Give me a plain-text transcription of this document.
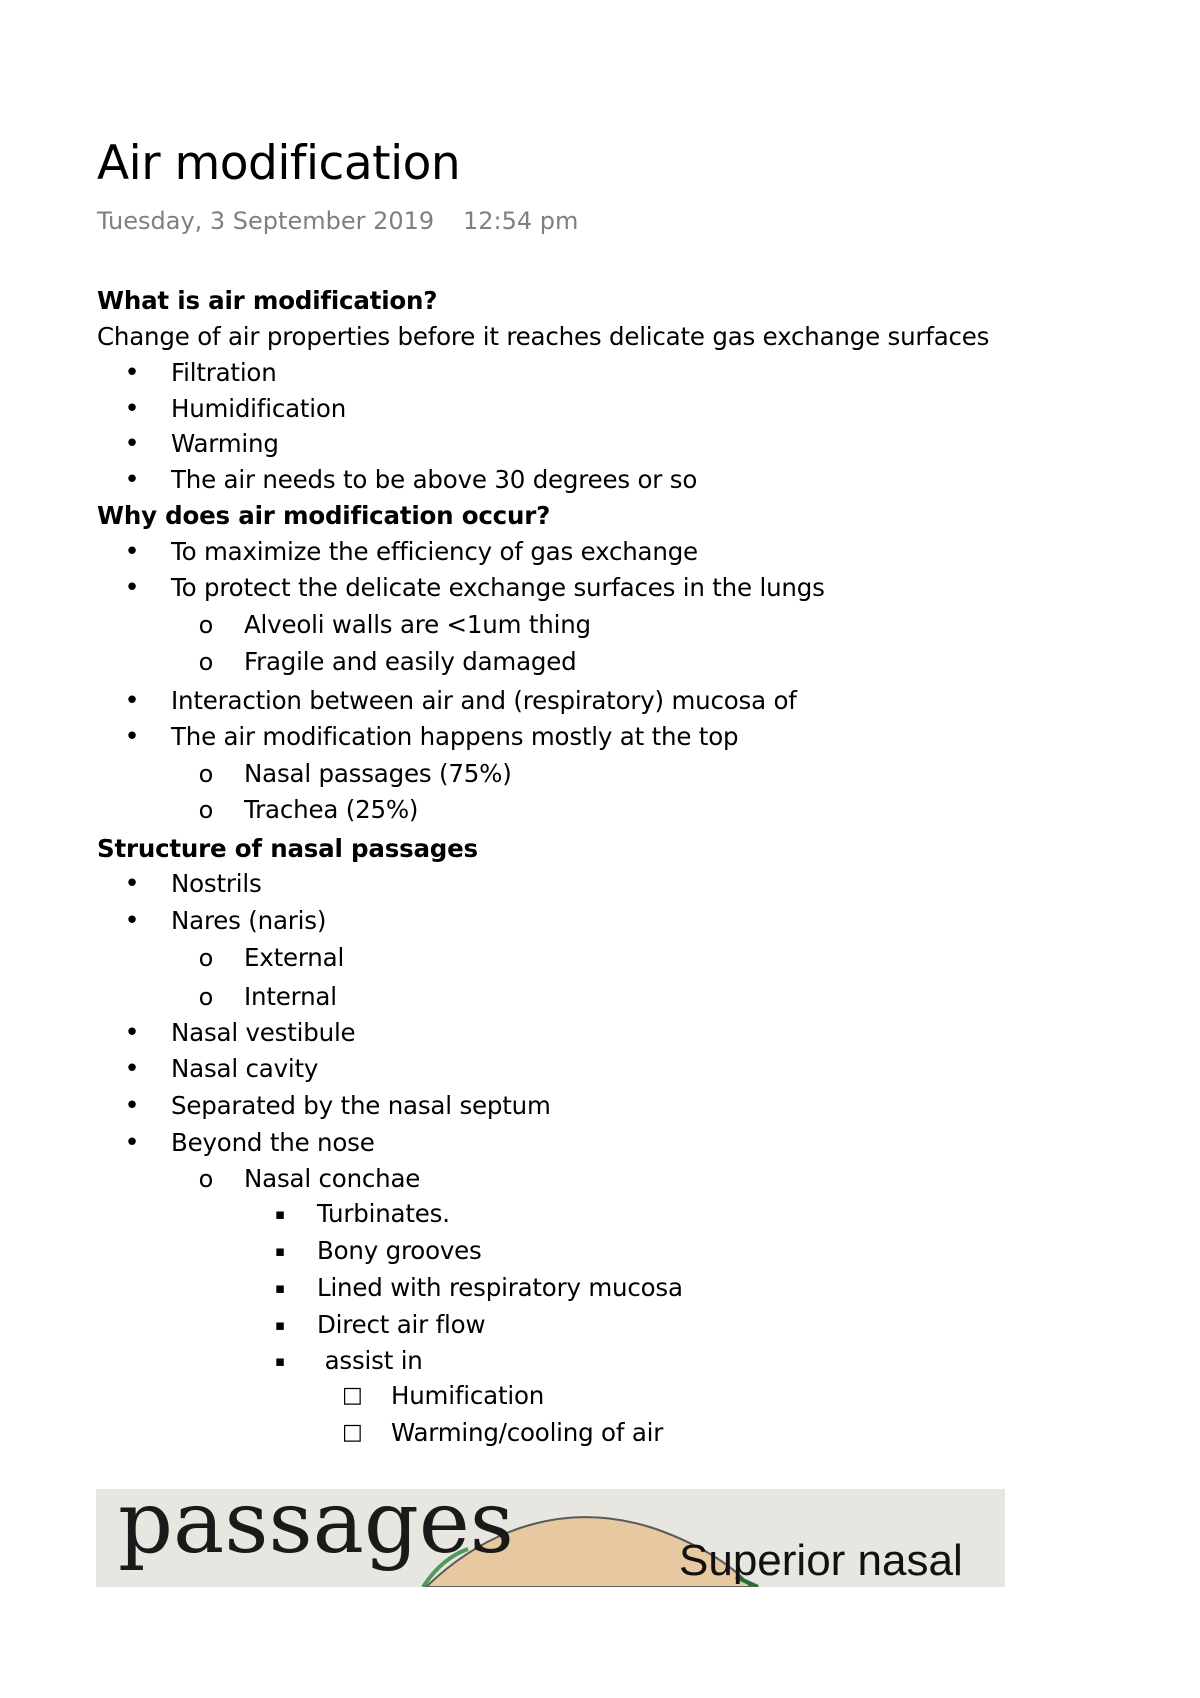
Air modification
Tuesday, 3 September 2019 12:54 pm
What is air modification?
Change of air properties before it reaches delicate gas exchange surfaces
• Filtration
• Humidification
• Warming
• The air needs to be above 30 degrees or so
Why does air modification occur?
• To maximize the efficiency of gas exchange
• To protect the delicate exchange surfaces in the lungs
o Alveoli walls are <1um thing
o Fragile and easily damaged
• Interaction between air and (respiratory) mucosa of
• The air modification happens mostly at the top
o Nasal passages (75%)
o Trachea (25%)
Structure of nasal passages
• Nostrils
• Nares (naris)
o External
o Internal
• Nasal vestibule
• Nasal cavity
• Separated by the nasal septum
• Beyond the nose
o Nasal conchae
▪ Turbinates.
▪ Bony grooves
▪ Lined with respiratory mucosa
▪ Direct air flow
▪ assist in
□ Humification
□ Warming/cooling of air
passages	Superior nasal
